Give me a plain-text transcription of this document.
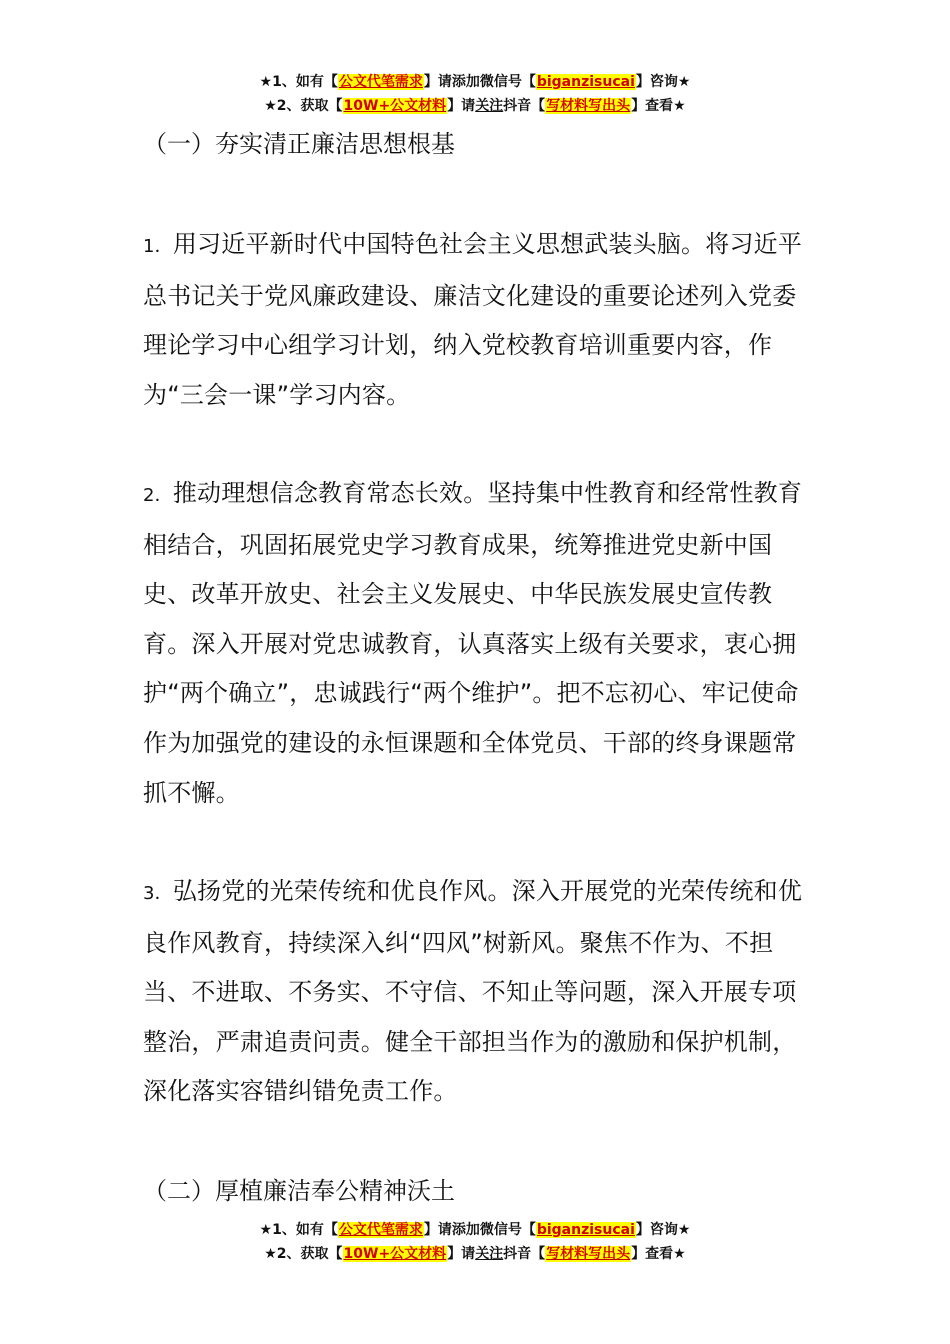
★1、如有【公文代笔需求】请添加微信号【biganzisucai】咨询★
★2、获取【10W+公文材料】请关注抖音【写材料写出头】查看★
（一）夯实清正廉洁思想根基
1．用习近平新时代中国特色社会主义思想武装头脑。将习近平总书记关于党风廉政建设、廉洁文化建设的重要论述列入党委理论学习中心组学习计划，纳入党校教育培训重要内容，作为“三会一课”学习内容。
2．推动理想信念教育常态长效。坚持集中性教育和经常性教育相结合，巩固拓展党史学习教育成果，统筹推进党史新中国史、改革开放史、社会主义发展史、中华民族发展史宣传教育。深入开展对党忠诚教育，认真落实上级有关要求，衷心拥护“两个确立”，忠诚践行“两个维护”。把不忘初心、牢记使命作为加强党的建设的永恒课题和全体党员、干部的终身课题常抓不懈。
3．弘扬党的光荣传统和优良作风。深入开展党的光荣传统和优良作风教育，持续深入纠“四风”树新风。聚焦不作为、不担当、不进取、不务实、不守信、不知止等问题，深入开展专项整治，严肃追责问责。健全干部担当作为的激励和保护机制，深化落实容错纠错免责工作。
（二）厚植廉洁奉公精神沃土
★1、如有【公文代笔需求】请添加微信号【biganzisucai】咨询★
★2、获取【10W+公文材料】请关注抖音【写材料写出头】查看★
